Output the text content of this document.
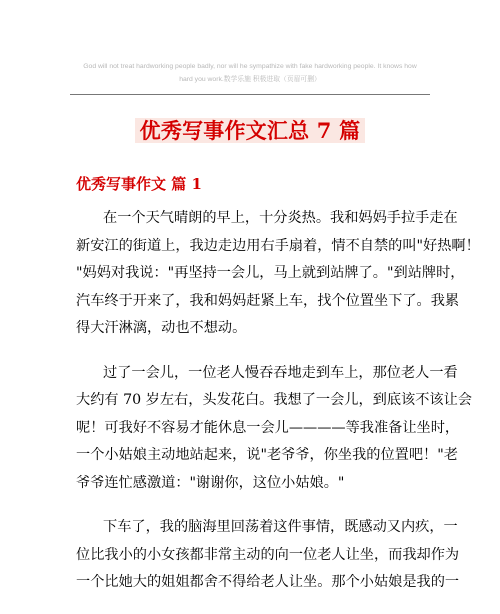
God will not treat hardworking people badly, nor will he sympathize with fake hardworking people. It knows how
hard you work.数学乐施 积极进取（页眉可删）
优秀写事作文汇总 7 篇
优秀写事作文 篇 1

在一个天气晴朗的早上，十分炎热。我和妈妈手拉手走在
新安江的街道上，我边走边用右手扇着，情不自禁的叫"好热啊！
"妈妈对我说："再坚持一会儿，马上就到站牌了。"到站牌时，
汽车终于开来了，我和妈妈赶紧上车，找个位置坐下了。我累
得大汗淋漓，动也不想动。

过了一会儿，一位老人慢吞吞地走到车上，那位老人一看
大约有 70 岁左右，头发花白。我想了一会儿，到底该不该让会
呢！可我好不容易才能休息一会儿————等我准备让坐时，
一个小姑娘主动地站起来，说"老爷爷，你坐我的位置吧！"老
爷爷连忙感激道："谢谢你，这位小姑娘。"

下车了，我的脑海里回荡着这件事情，既感动又内疚，一
位比我小的小女孩都非常主动的向一位老人让坐，而我却作为
一个比她大的姐姐都舍不得给老人让坐。那个小姑娘是我的一
